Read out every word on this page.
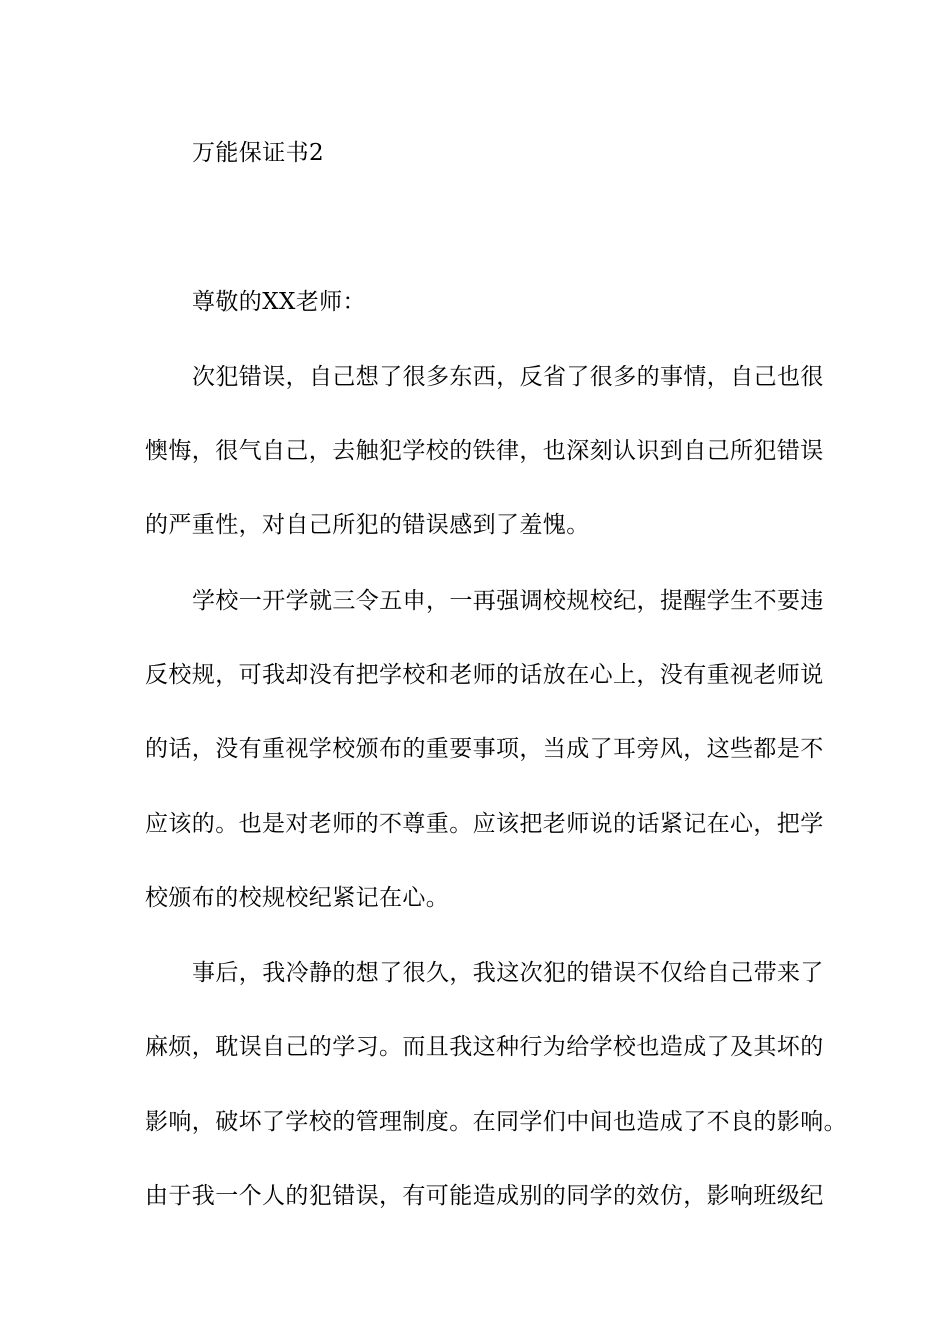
万能保证书2
尊敬的XX老师：
次犯错误，自己想了很多东西，反省了很多的事情，自己也很
懊悔，很气自己，去触犯学校的铁律，也深刻认识到自己所犯错误
的严重性，对自己所犯的错误感到了羞愧。
学校一开学就三令五申，一再强调校规校纪，提醒学生不要违
反校规，可我却没有把学校和老师的话放在心上，没有重视老师说
的话，没有重视学校颁布的重要事项，当成了耳旁风，这些都是不
应该的。也是对老师的不尊重。应该把老师说的话紧记在心，把学
校颁布的校规校纪紧记在心。
事后，我冷静的想了很久，我这次犯的错误不仅给自己带来了
麻烦，耽误自己的学习。而且我这种行为给学校也造成了及其坏的
影响，破坏了学校的管理制度。在同学们中间也造成了不良的影响。
由于我一个人的犯错误，有可能造成别的同学的效仿，影响班级纪
